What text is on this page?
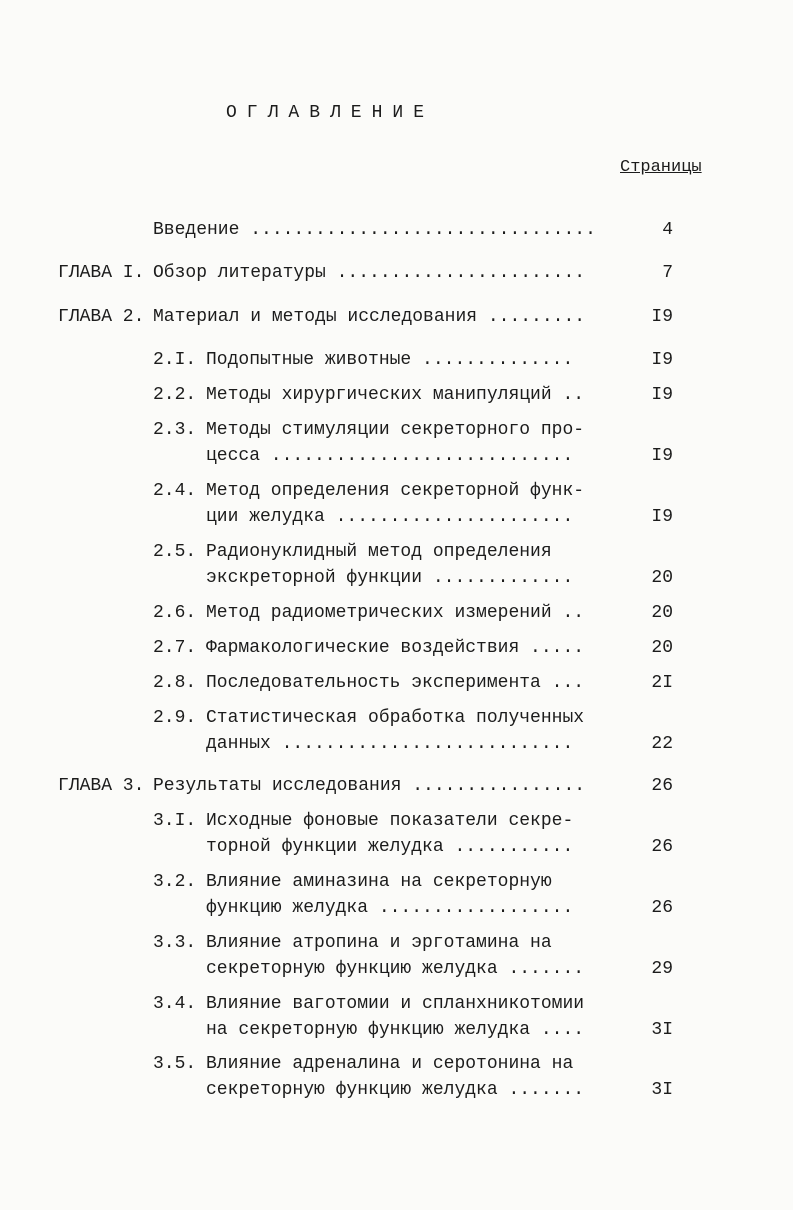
ОГЛАВЛЕНИЕ
Страницы
Введение ................................	4
ГЛАВА I. Обзор литературы .......................	7
ГЛАВА 2. Материал и методы исследования .........	I9
2.I. Подопытные животные ..............	I9
2.2. Методы хирургических манипуляций ..	I9
2.3. Методы стимуляции секреторного про-
цесса ............................	I9
2.4. Метод определения секреторной функ-
ции желудка ......................	I9
2.5. Радионуклидный метод определения
экскреторной функции .............	20
2.6. Метод радиометрических измерений ..	20
2.7. Фармакологические воздействия .....	20
2.8. Последовательность эксперимента ...	2I
2.9. Статистическая обработка полученных
данных ...........................	22
ГЛАВА 3. Результаты исследования ................	26
3.I. Исходные фоновые показатели секре-
торной функции желудка ...........	26
3.2. Влияние аминазина на секреторную
функцию желудка ..................	26
3.3. Влияние атропина и эрготамина на
секреторную функцию желудка .......	29
3.4. Влияние ваготомии и спланхникотомии
на секреторную функцию желудка ....	3I
3.5. Влияние адреналина и серотонина на
секреторную функцию желудка .......	3I
